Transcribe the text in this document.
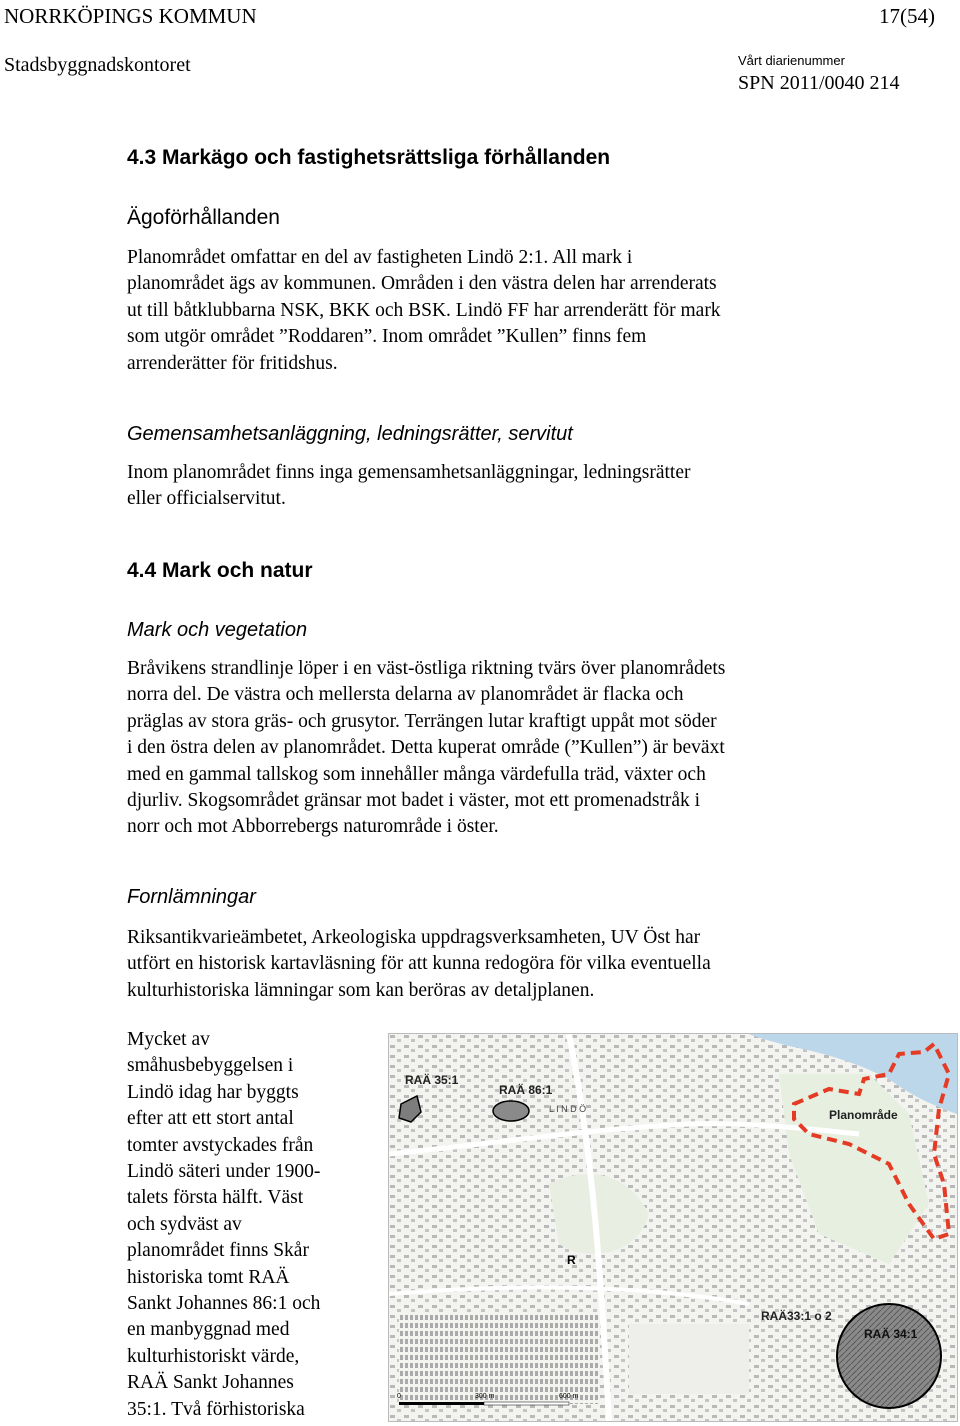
NORRKÖPINGS KOMMUN	17(54)
Stadsbyggnadskontoret	Vårt diarienummer
SPN 2011/0040 214
4.3 Markägo och fastighetsrättsliga förhållanden
Ägoförhållanden
Planområdet omfattar en del av fastigheten Lindö 2:1. All mark i
planområdet ägs av kommunen. Områden i den västra delen har arrenderats
ut till båtklubbarna NSK, BKK och BSK. Lindö FF har arrenderätt för mark
som utgör området ”Roddaren”. Inom området ”Kullen” finns fem
arrenderätter för fritidshus.
Gemensamhetsanläggning, ledningsrätter, servitut
Inom planområdet finns inga gemensamhetsanläggningar, ledningsrätter
eller officialservitut.
4.4 Mark och natur
Mark och vegetation
Bråvikens strandlinje löper i en väst-östliga riktning tvärs över planområdets
norra del. De västra och mellersta delarna av planområdet är flacka och
präglas av stora gräs- och grusytor. Terrängen lutar kraftigt uppåt mot söder
i den östra delen av planområdet. Detta kuperat område (”Kullen”) är beväxt
med en gammal tallskog som innehåller många värdefulla träd, växter och
djurliv. Skogsområdet gränsar mot badet i väster, mot ett promenadstråk i
norr och mot Abborrebergs naturområde i öster.
Fornlämningar
Riksantikvarieämbetet, Arkeologiska uppdragsverksamheten, UV Öst har
utfört en historisk kartavläsning för att kunna redogöra för vilka eventuella
kulturhistoriska lämningar som kan beröras av detaljplanen.
Mycket av
småhusbebyggelsen i
Lindö idag har byggts
efter att ett stort antal
tomter avstyckades från
Lindö säteri under 1900-
talets första hälft. Väst
och sydväst av
planområdet finns Skår
historiska tomt RAÄ
Sankt Johannes 86:1 och
en manbyggnad med
kulturhistoriskt värde,
RAÄ Sankt Johannes
35:1. Två förhistoriska
R
RAÄ 35:1
RAÄ 86:1
L I N D Ö	Planområde
RAÄ33:1 o 2
RAÄ 34:1
0	300 m	600 m
